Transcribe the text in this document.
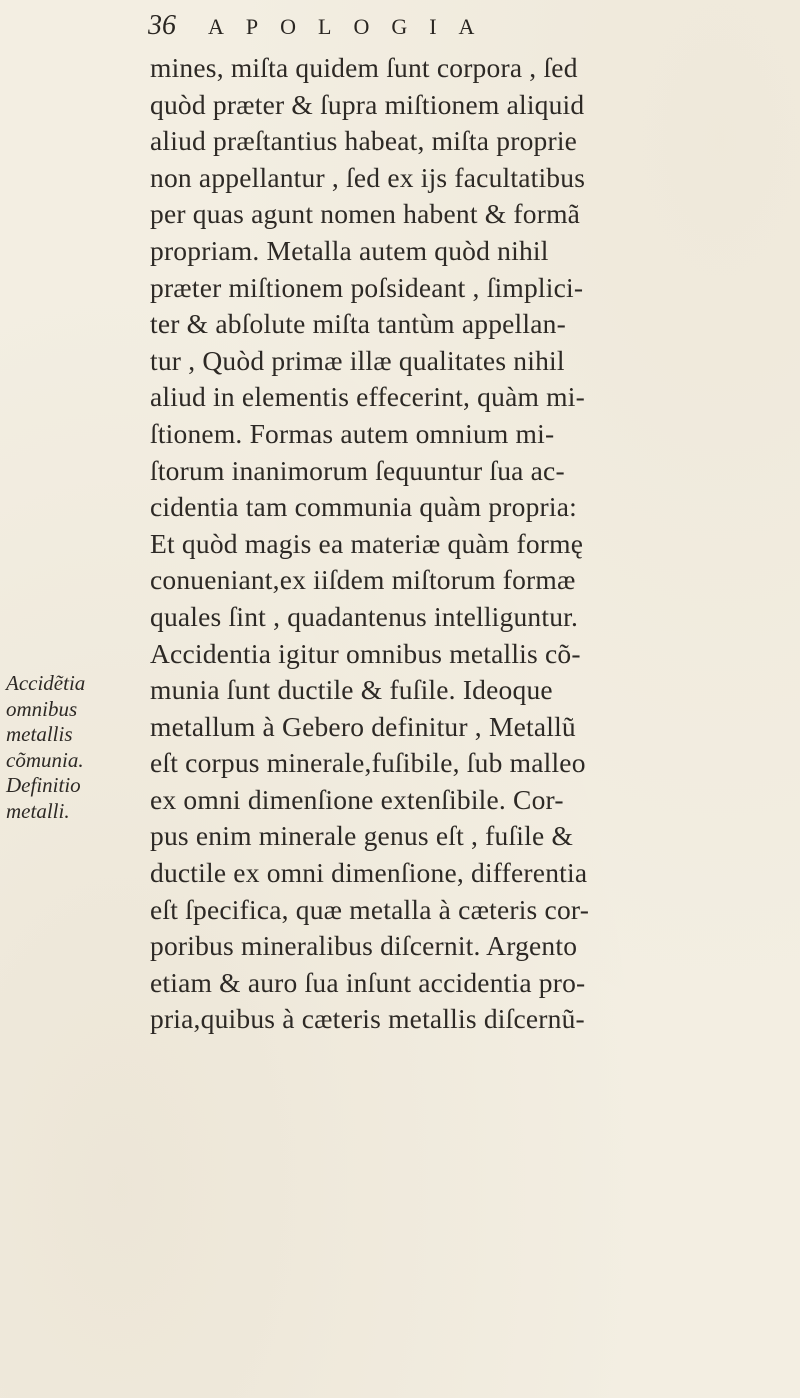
36 APOLOGIA
mines, miſta quidem ſunt corpora , ſed
quòd præter & ſupra miſtionem aliquid
aliud præſtantius habeat, miſta proprie
non appellantur , ſed ex ijs facultatibus
per quas agunt nomen habent & formã
propriam. Metalla autem quòd nihil
præter miſtionem poſsideant , ſimplici-
ter & abſolute miſta tantùm appellan-
tur , Quòd primæ illæ qualitates nihil
aliud in elementis effecerint, quàm mi-
ſtionem. Formas autem omnium mi-
ſtorum inanimorum ſequuntur ſua ac-
cidentia tam communia quàm propria:
Et quòd magis ea materiæ quàm formę
conueniant,ex iiſdem miſtorum formæ
quales ſint , quadantenus intelliguntur.
Accidentia igitur omnibus metallis cõ-
munia ſunt ductile & fuſile. Ideoque
metallum à Gebero definitur , Metallũ
eſt corpus minerale,fuſibile, ſub malleo
ex omni dimenſione extenſibile. Cor-
pus enim minerale genus eſt , fuſile &
ductile ex omni dimenſione, differentia
eſt ſpecifica, quæ metalla à cæteris cor-
poribus mineralibus diſcernit. Argento
etiam & auro ſua inſunt accidentia pro-
pria,quibus à cæteris metallis diſcernũ-
Accidẽtia
omnibus
metallis
cõmunia.
Definitio
metalli.
